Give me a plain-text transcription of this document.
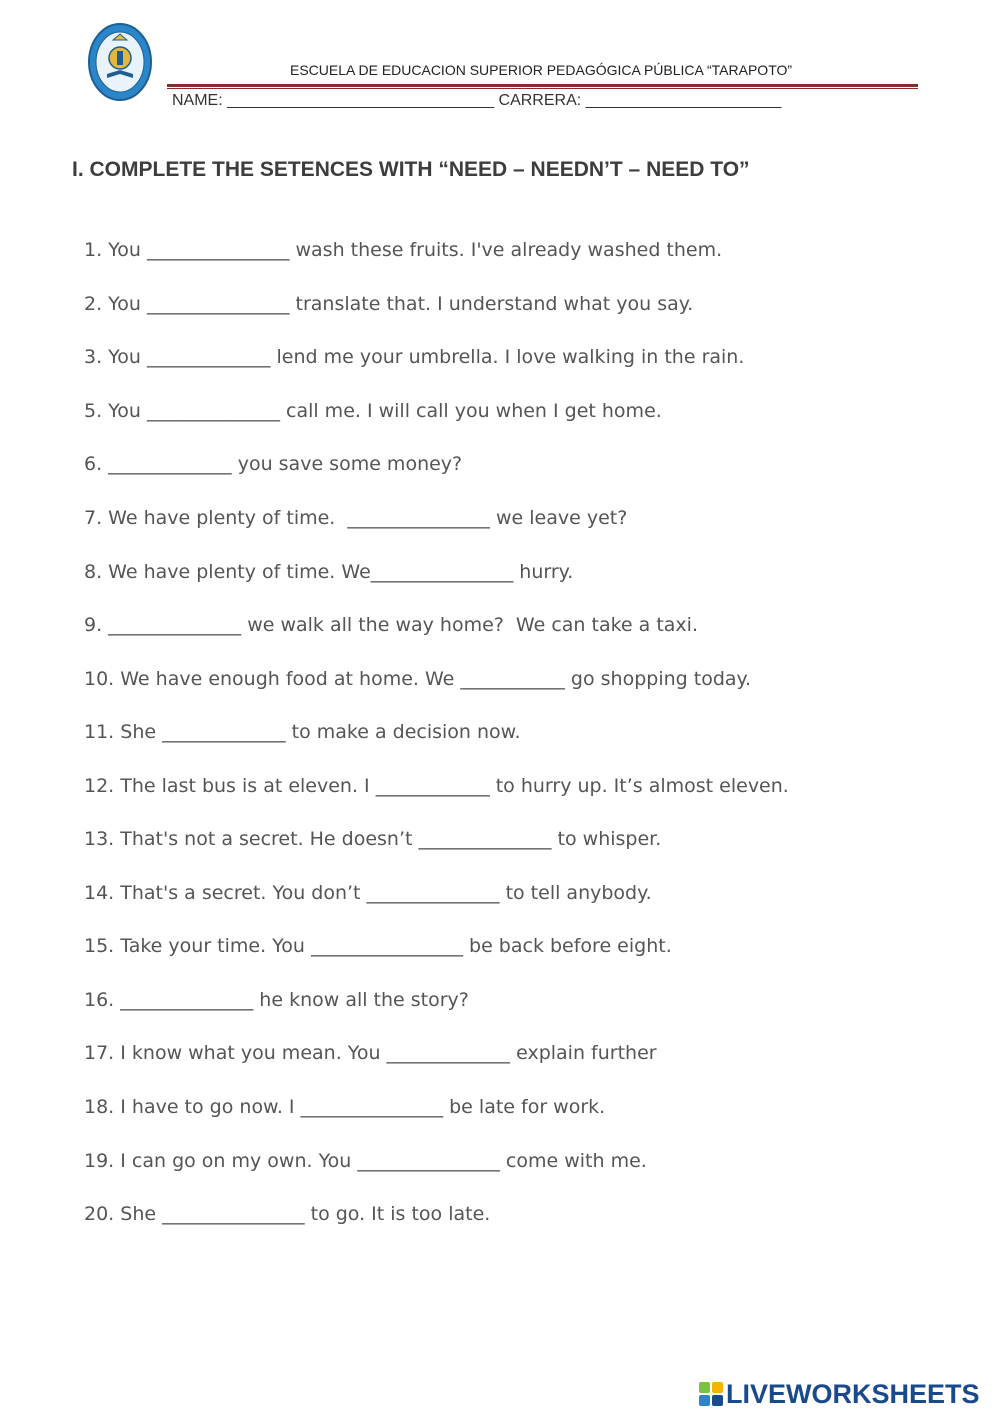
ESCUELA DE EDUCACION SUPERIOR PEDAGÓGICA PÚBLICA “TARAPOTO”
NAME: ______________________________ CARRERA: ______________________
I. COMPLETE THE SETENCES WITH “NEED – NEEDN’T – NEED TO”
1. You _______________ wash these fruits. I've already washed them.
2. You _______________ translate that. I understand what you say.
3. You _____________ lend me your umbrella. I love walking in the rain.
5. You ______________ call me. I will call you when I get home.
6. _____________ you save some money?
7. We have plenty of time.  _______________ we leave yet?
8. We have plenty of time. We_______________ hurry.
9. ______________ we walk all the way home?  We can take a taxi.
10. We have enough food at home. We ___________ go shopping today.
11. She _____________ to make a decision now.
12. The last bus is at eleven. I ____________ to hurry up. It’s almost eleven.
13. That's not a secret. He doesn’t ______________ to whisper.
14. That's a secret. You don’t ______________ to tell anybody.
15. Take your time. You ________________ be back before eight.
16. ______________ he know all the story?
17. I know what you mean. You _____________ explain further
18. I have to go now. I _______________ be late for work.
19. I can go on my own. You _______________ come with me.
20. She _______________ to go. It is too late.
LIVEWORKSHEETS
